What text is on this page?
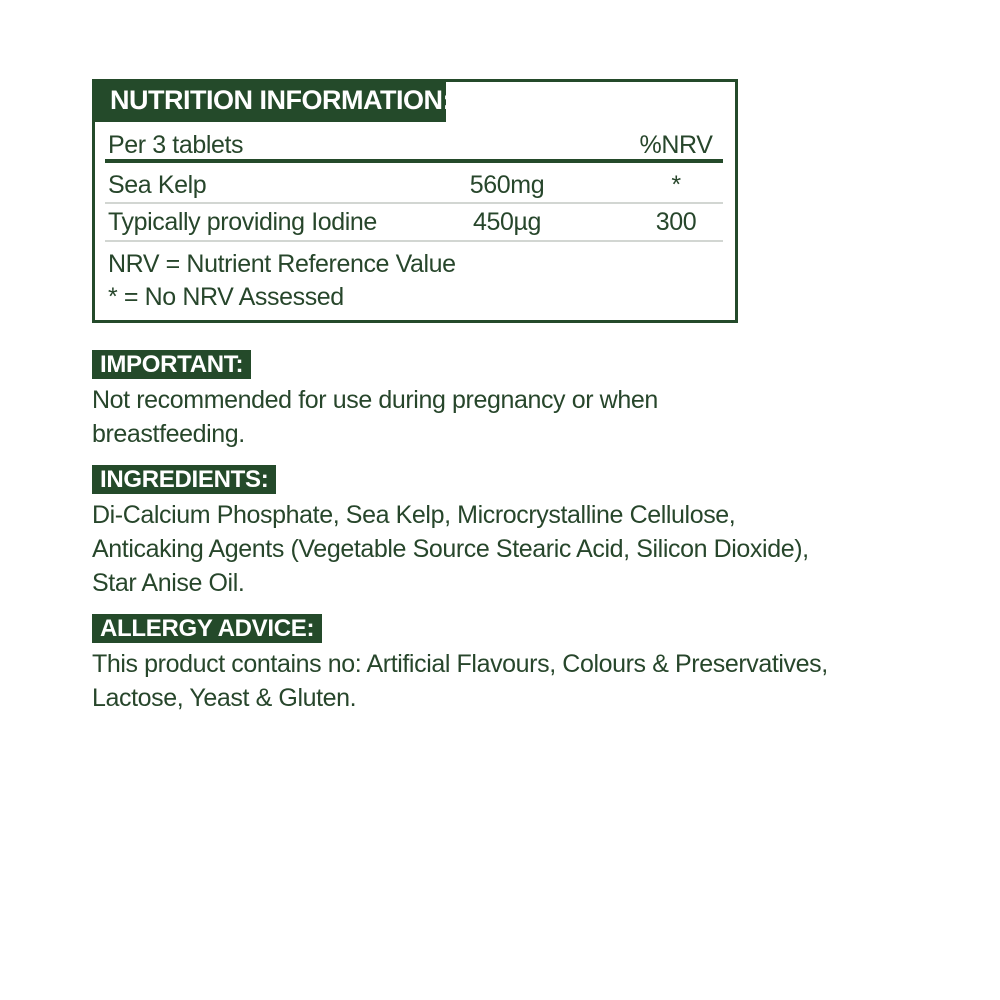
NUTRITION INFORMATION:
Per 3 tablets	%NRV
Sea Kelp	560mg	*
Typically providing Iodine	450µg	300
NRV = Nutrient Reference Value
* = No NRV Assessed
IMPORTANT:
Not recommended for use during pregnancy or when
breastfeeding.
INGREDIENTS:
Di-Calcium Phosphate, Sea Kelp, Microcrystalline Cellulose,
Anticaking Agents (Vegetable Source Stearic Acid, Silicon Dioxide),
Star Anise Oil.
ALLERGY ADVICE:
This product contains no: Artificial Flavours, Colours & Preservatives,
Lactose, Yeast & Gluten.
